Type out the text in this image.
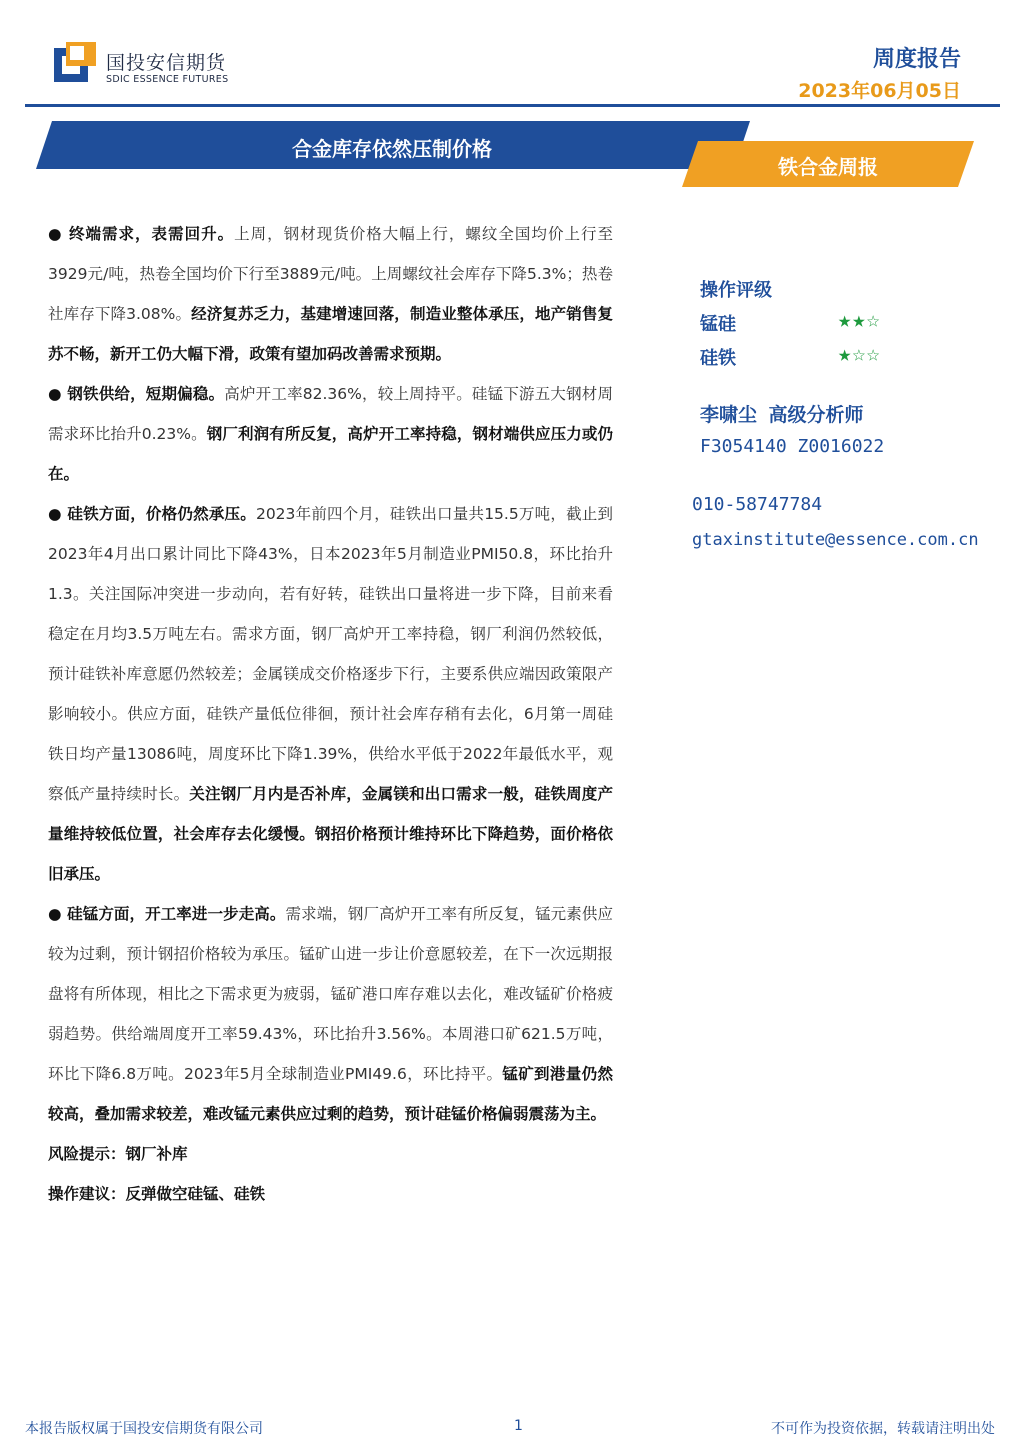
国投安信期货
SDIC ESSENCE FUTURES
周度报告
2023年06月05日
合金库存依然压制价格
铁合金周报

● 终端需求，表需回升。上周，钢材现货价格大幅上行，螺纹全国均价上行至3929元/吨，热卷全国均价下行至3889元/吨。上周螺纹社会库存下降5.3%；热卷社库存下降3.08%。经济复苏乏力，基建增速回落，制造业整体承压，地产销售复苏不畅，新开工仍大幅下滑，政策有望加码改善需求预期。

● 钢铁供给，短期偏稳。高炉开工率82.36%，较上周持平。硅锰下游五大钢材周需求环比抬升0.23%。钢厂利润有所反复，高炉开工率持稳，钢材端供应压力或仍在。

● 硅铁方面，价格仍然承压。2023年前四个月，硅铁出口量共15.5万吨，截止到2023年4月出口累计同比下降43%，日本2023年5月制造业PMI50.8，环比抬升1.3。关注国际冲突进一步动向，若有好转，硅铁出口量将进一步下降，目前来看稳定在月均3.5万吨左右。需求方面，钢厂高炉开工率持稳，钢厂利润仍然较低，预计硅铁补库意愿仍然较差；金属镁成交价格逐步下行，主要系供应端因政策限产影响较小。供应方面，硅铁产量低位徘徊，预计社会库存稍有去化，6月第一周硅铁日均产量13086吨，周度环比下降1.39%，供给水平低于2022年最低水平，观察低产量持续时长。关注钢厂月内是否补库，金属镁和出口需求一般，硅铁周度产量维持较低位置，社会库存去化缓慢。钢招价格预计维持环比下降趋势，面价格依旧承压。

● 硅锰方面，开工率进一步走高。需求端，钢厂高炉开工率有所反复，锰元素供应较为过剩，预计钢招价格较为承压。锰矿山进一步让价意愿较差，在下一次远期报盘将有所体现，相比之下需求更为疲弱，锰矿港口库存难以去化，难改锰矿价格疲弱趋势。供给端周度开工率59.43%，环比抬升3.56%。本周港口矿621.5万吨，环比下降6.8万吨。2023年5月全球制造业PMI49.6，环比持平。锰矿到港量仍然较高，叠加需求较差，难改锰元素供应过剩的趋势，预计硅锰价格偏弱震荡为主。

风险提示：钢厂补库

操作建议：反弹做空硅锰、硅铁

操作评级
锰硅	★★☆
硅铁	★☆☆
李啸尘 高级分析师
F3054140 Z0016022
010-58747784
gtaxinstitute@essence.com.cn
本报告版权属于国投安信期货有限公司	1	不可作为投资依据，转载请注明出处
